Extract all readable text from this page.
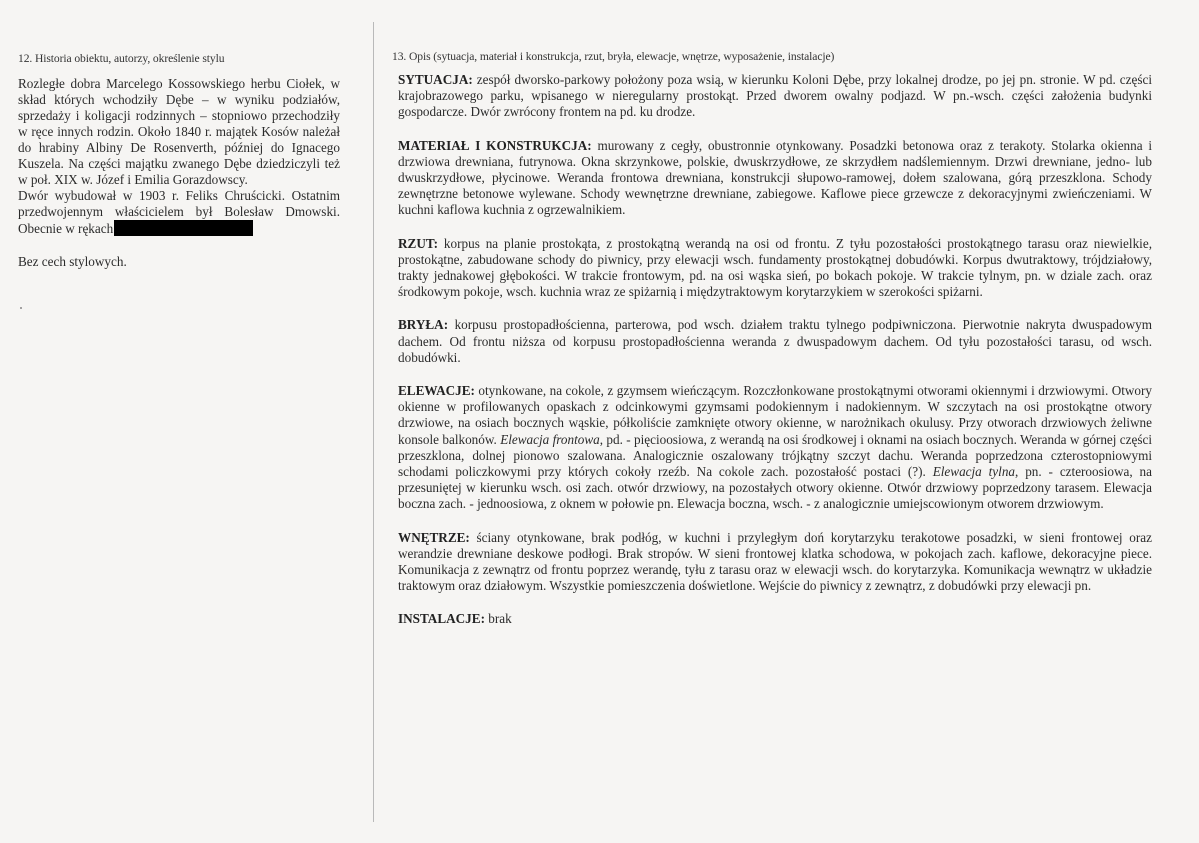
12. Historia obiektu, autorzy, określenie stylu

Rozległe dobra Marcelego Kossowskiego herbu Ciołek, w skład których wchodziły Dębe – w wyniku podziałów, sprzedaży i koligacji rodzinnych – stopniowo przechodziły w ręce innych rodzin. Około 1840 r. majątek Kosów należał do hrabiny Albiny De Rosenverth, później do Ignacego Kuszela. Na części majątku zwanego Dębe dziedziczyli też w poł. XIX w. Józef i Emilia Gorazdowscy.

Dwór wybudował w 1903 r. Feliks Chruścicki. Ostatnim przedwojennym właścicielem był Bolesław Dmowski. Obecnie w rękach

Bez cech stylowych.
13. Opis (sytuacja, materiał i konstrukcja, rzut, bryła, elewacje, wnętrze, wyposażenie, instalacje)

SYTUACJA: zespół dworsko-parkowy położony poza wsią, w kierunku Koloni Dębe, przy lokalnej drodze, po jej pn. stronie. W pd. części krajobrazowego parku, wpisanego w nieregularny prostokąt. Przed dworem owalny podjazd. W pn.-wsch. części założenia budynki gospodarcze. Dwór zwrócony frontem na pd. ku drodze.

MATERIAŁ I KONSTRUKCJA: murowany z cegły, obustronnie otynkowany. Posadzki betonowa oraz z terakoty. Stolarka okienna i drzwiowa drewniana, futrynowa. Okna skrzynkowe, polskie, dwuskrzydłowe, ze skrzydłem nadślemiennym. Drzwi drewniane, jedno- lub dwuskrzydłowe, płycinowe. Weranda frontowa drewniana, konstrukcji słupowo-ramowej, dołem szalowana, górą przeszklona. Schody zewnętrzne betonowe wylewane. Schody wewnętrzne drewniane, zabiegowe. Kaflowe piece grzewcze z dekoracyjnymi zwieńczeniami. W kuchni kaflowa kuchnia z ogrzewalnikiem.

RZUT: korpus na planie prostokąta, z prostokątną werandą na osi od frontu. Z tyłu pozostałości prostokątnego tarasu oraz niewielkie, prostokątne, zabudowane schody do piwnicy, przy elewacji wsch. fundamenty prostokątnej dobudówki. Korpus dwutraktowy, trójdziałowy, trakty jednakowej głębokości. W trakcie frontowym, pd. na osi wąska sień, po bokach pokoje. W trakcie tylnym, pn. w dziale zach. oraz środkowym pokoje, wsch. kuchnia wraz ze spiżarnią i międzytraktowym korytarzykiem w szerokości spiżarni.

BRYŁA: korpusu prostopadłościenna, parterowa, pod wsch. działem traktu tylnego podpiwniczona. Pierwotnie nakryta dwuspadowym dachem. Od frontu niższa od korpusu prostopadłościenna weranda z dwuspadowym dachem. Od tyłu pozostałości tarasu, od wsch. dobudówki.

ELEWACJE: otynkowane, na cokole, z gzymsem wieńczącym. Rozczłonkowane prostokątnymi otworami okiennymi i drzwiowymi. Otwory okienne w profilowanych opaskach z odcinkowymi gzymsami podokiennym i nadokiennym. W szczytach na osi prostokątne otwory drzwiowe, na osiach bocznych wąskie, półkoliście zamknięte otwory okienne, w narożnikach okulusy. Przy otworach drzwiowych żeliwne konsole balkonów. Elewacja frontowa, pd. - pięcioosiowa, z werandą na osi środkowej i oknami na osiach bocznych. Weranda w górnej części przeszklona, dolnej pionowo szalowana. Analogicznie oszalowany trójkątny szczyt dachu. Weranda poprzedzona czterostopniowymi schodami policzkowymi przy których cokoły rzeźb. Na cokole zach. pozostałość postaci (?). Elewacja tylna, pn. - czteroosiowa, na przesuniętej w kierunku wsch. osi zach. otwór drzwiowy, na pozostałych otwory okienne. Otwór drzwiowy poprzedzony tarasem. Elewacja boczna zach. - jednoosiowa, z oknem w połowie pn. Elewacja boczna, wsch. - z analogicznie umiejscowionym otworem drzwiowym.

WNĘTRZE: ściany otynkowane, brak podłóg, w kuchni i przyległym doń korytarzyku terakotowe posadzki, w sieni frontowej oraz werandzie drewniane deskowe podłogi. Brak stropów. W sieni frontowej klatka schodowa, w pokojach zach. kaflowe, dekoracyjne piece. Komunikacja z zewnątrz od frontu poprzez werandę, tyłu z tarasu oraz w elewacji wsch. do korytarzyka. Komunikacja wewnątrz w układzie traktowym oraz działowym. Wszystkie pomieszczenia doświetlone. Wejście do piwnicy z zewnątrz, z dobudówki przy elewacji pn.

INSTALACJE: brak
